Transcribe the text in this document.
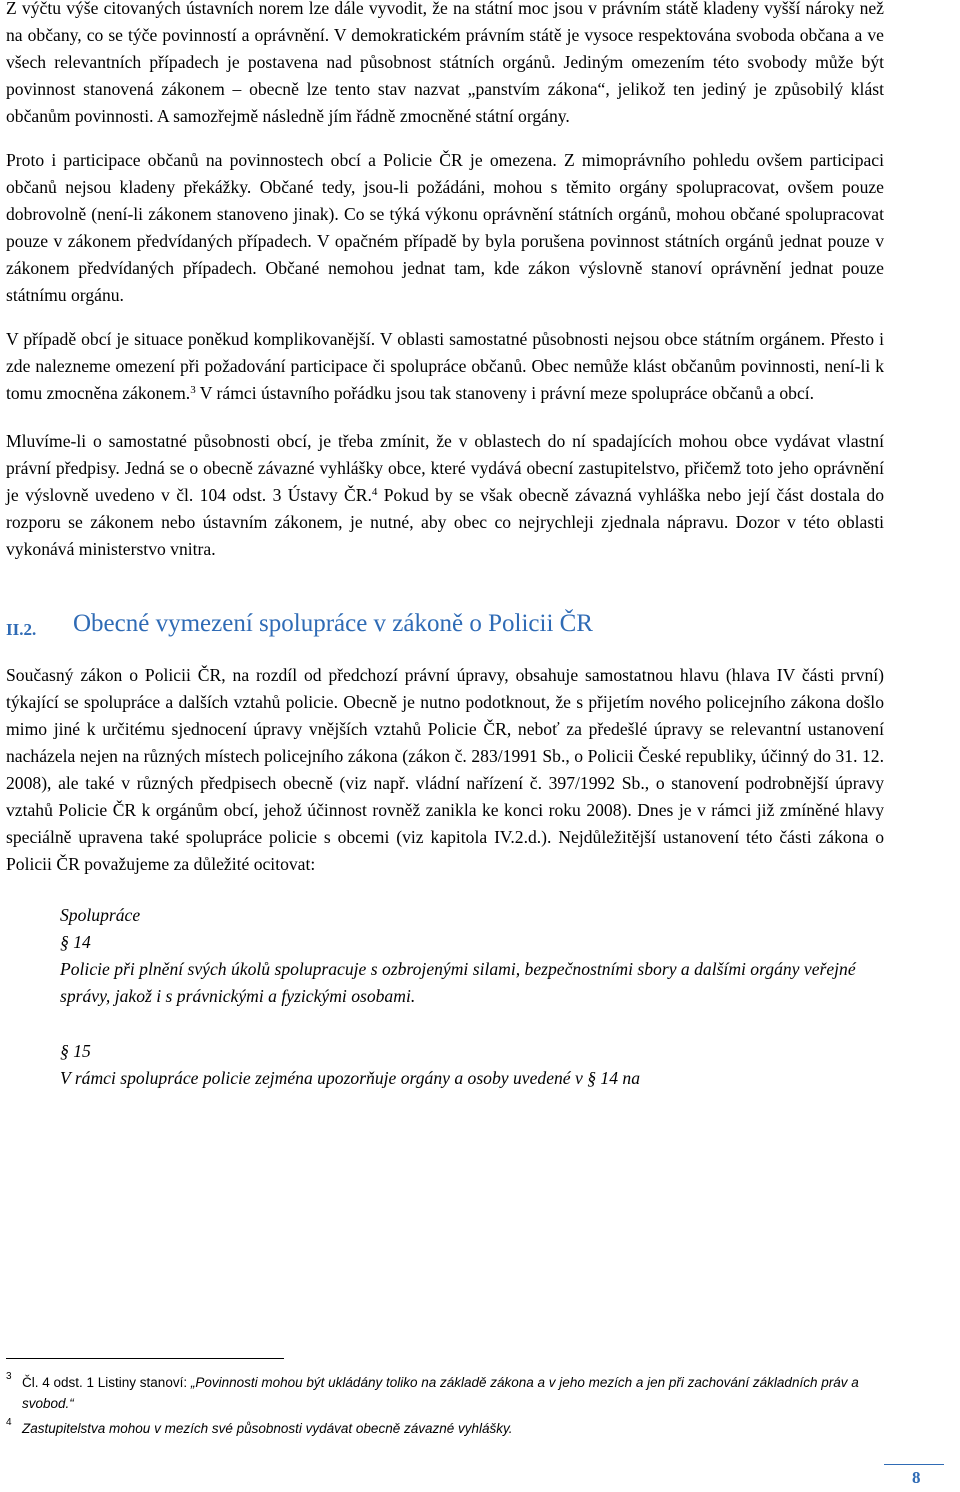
Z výčtu výše citovaných ústavních norem lze dále vyvodit, že na státní moc jsou v právním státě kladeny vyšší nároky než na občany, co se týče povinností a oprávnění. V demokratickém právním státě je vysoce respektována svoboda občana a ve všech relevantních případech je postavena nad působnost státních orgánů. Jediným omezením této svobody může být povinnost stanovená zákonem – obecně lze tento stav nazvat „panstvím zákona“, jelikož ten jediný je způsobilý klást občanům povinnosti. A samozřejmě následně jím řádně zmocněné státní orgány.

Proto i participace občanů na povinnostech obcí a Policie ČR je omezena. Z mimoprávního pohledu ovšem participaci občanů nejsou kladeny překážky. Občané tedy, jsou-li požádáni, mohou s těmito orgány spolupracovat, ovšem pouze dobrovolně (není-li zákonem stanoveno jinak). Co se týká výkonu oprávnění státních orgánů, mohou občané spolupracovat pouze v zákonem předvídaných případech. V opačném případě by byla porušena povinnost státních orgánů jednat pouze v zákonem předvídaných případech. Občané nemohou jednat tam, kde zákon výslovně stanoví oprávnění jednat pouze státnímu orgánu.

V případě obcí je situace poněkud komplikovanější. V oblasti samostatné působnosti nejsou obce státním orgánem. Přesto i zde nalezneme omezení při požadování participace či spolupráce občanů. Obec nemůže klást občanům povinnosti, není-li k tomu zmocněna zákonem.$^3$ V rámci ústavního pořádku jsou tak stanoveny i právní meze spolupráce občanů a obcí.

Mluvíme-li o samostatné působnosti obcí, je třeba zmínit, že v oblastech do ní spadajících mohou obce vydávat vlastní právní předpisy. Jedná se o obecně závazné vyhlášky obce, které vydává obecní zastupitelstvo, přičemž toto jeho oprávnění je výslovně uvedeno v čl. 104 odst. 3 Ústavy ČR.$^4$ Pokud by se však obecně závazná vyhláška nebo její část dostala do rozporu se zákonem nebo ústavním zákonem, je nutné, aby obec co nejrychleji zjednala nápravu. Dozor v této oblasti vykonává ministerstvo vnitra.

II.2. Obecné vymezení spolupráce v zákoně o Policii ČR

Současný zákon o Policii ČR, na rozdíl od předchozí právní úpravy, obsahuje samostatnou hlavu (hlava IV části první) týkající se spolupráce a dalších vztahů policie. Obecně je nutno podotknout, že s přijetím nového policejního zákona došlo mimo jiné k určitému sjednocení úpravy vnějších vztahů Policie ČR, neboť za předešlé úpravy se relevantní ustanovení nacházela nejen na různých místech policejního zákona (zákon č. 283/1991 Sb., o Policii České republiky, účinný do 31. 12. 2008), ale také v různých předpisech obecně (viz např. vládní nařízení č. 397/1992 Sb., o stanovení podrobnější úpravy vztahů Policie ČR k orgánům obcí, jehož účinnost rovněž zanikla ke konci roku 2008). Dnes je v rámci již zmíněné hlavy speciálně upravena také spolupráce policie s obcemi (viz kapitola IV.2.d.). Nejdůležitější ustanovení této části zákona o Policii ČR považujeme za důležité ocitovat:

Spolupráce
§ 14
Policie při plnění svých úkolů spolupracuje s ozbrojenými silami, bezpečnostními sbory a dalšími orgány veřejné správy, jakož i s právnickými a fyzickými osobami.
§ 15
V rámci spolupráce policie zejména upozorňuje orgány a osoby uvedené v § 14 na
3 Čl. 4 odst. 1 Listiny stanoví: „Povinnosti mohou být ukládány toliko na základě zákona a v jeho mezích a jen při zachování základních práv a svobod.“
4 Zastupitelstva mohou v mezích své působnosti vydávat obecně závazné vyhlášky.
8
